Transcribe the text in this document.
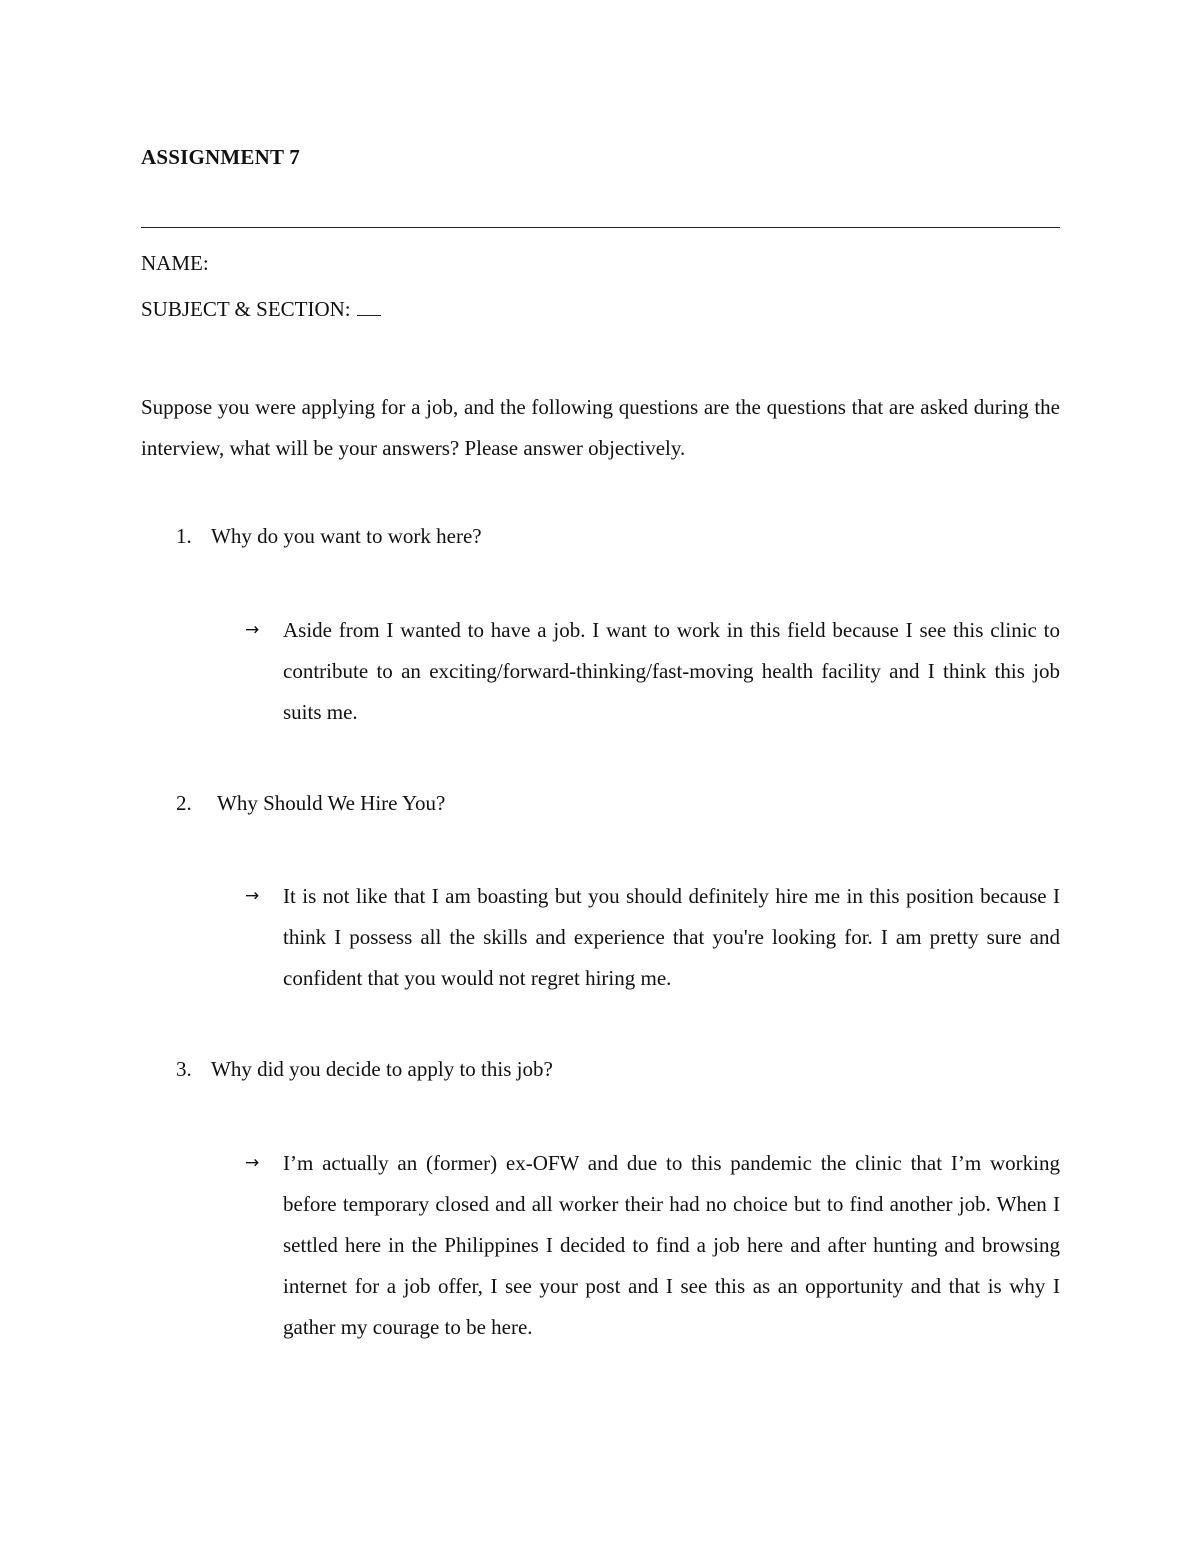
ASSIGNMENT 7
NAME:
SUBJECT & SECTION:
Suppose you were applying for a job, and the following questions are the questions that are asked during the interview, what will be your answers? Please answer objectively.
1. Why do you want to work here?
→ Aside from I wanted to have a job. I want to work in this field because I see this clinic to contribute to an exciting/forward-thinking/fast-moving health facility and I think this job suits me.
2. Why Should We Hire You?
→ It is not like that I am boasting but you should definitely hire me in this position because I think I possess all the skills and experience that you're looking for. I am pretty sure and confident that you would not regret hiring me.
3. Why did you decide to apply to this job?
→ I’m actually an (former) ex-OFW and due to this pandemic the clinic that I’m working before temporary closed and all worker their had no choice but to find another job. When I settled here in the Philippines I decided to find a job here and after hunting and browsing internet for a job offer, I see your post and I see this as an opportunity and that is why I gather my courage to be here.
